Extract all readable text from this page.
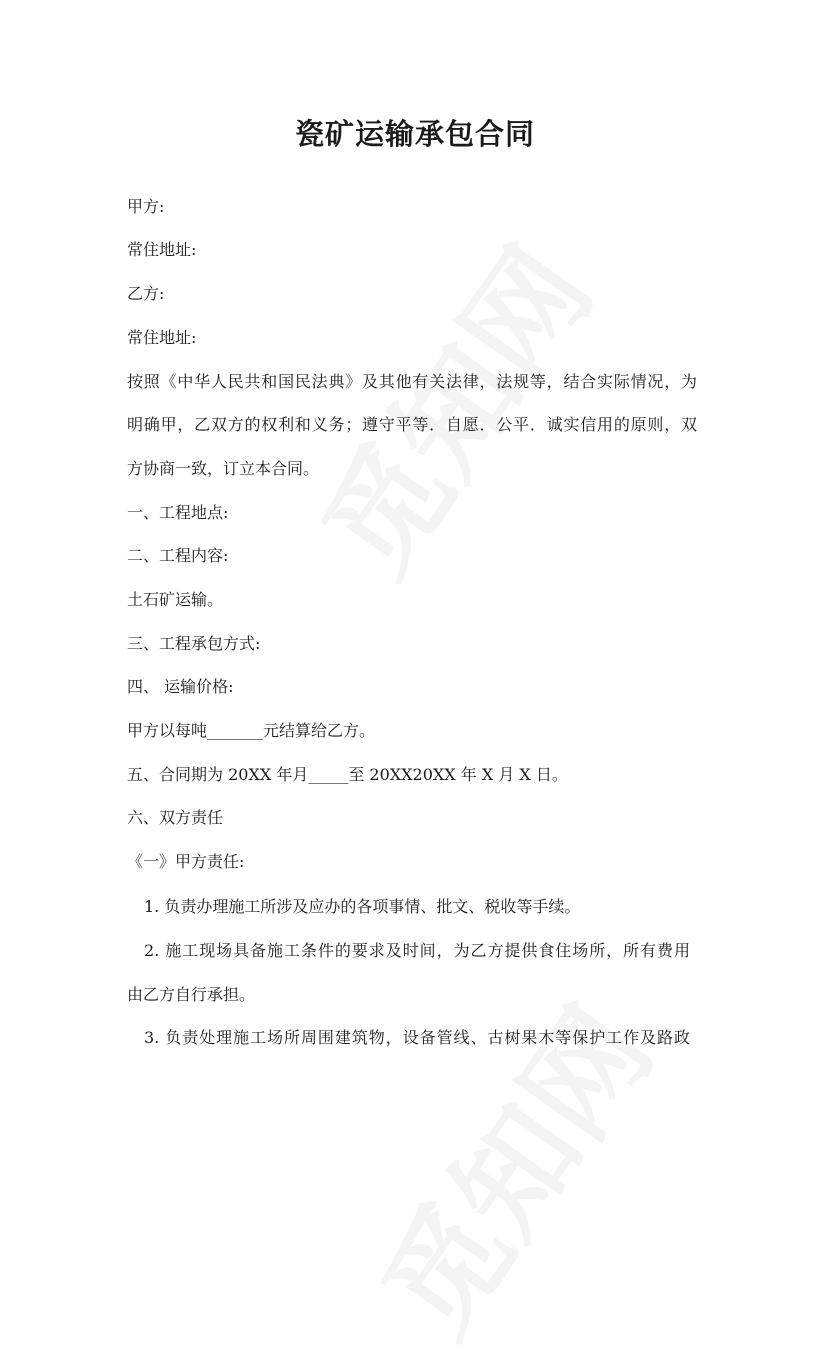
瓷矿运输承包合同
甲方:
常住地址:
乙方:
常住地址:
按照《中华人民共和国民法典》及其他有关法律，法规等，结合实际情况，为
明确甲，乙双方的权利和义务；遵守平等．自愿．公平．诚实信用的原则，双
方协商一致，订立本合同。
一、工程地点:
二、工程内容:
土石矿运输。
三、工程承包方式:
四、 运输价格:
甲方以每吨_______元结算给乙方。
五、合同期为 20XX 年月_____至 20XX20XX 年 X 月 X 日。
六、双方责任
《一》甲方责任:
1. 负责办理施工所涉及应办的各项事情、批文、税收等手续。
2. 施工现场具备施工条件的要求及时间，为乙方提供食住场所，所有费用
由乙方自行承担。
3. 负责处理施工场所周围建筑物，设备管线、古树果木等保护工作及路政
